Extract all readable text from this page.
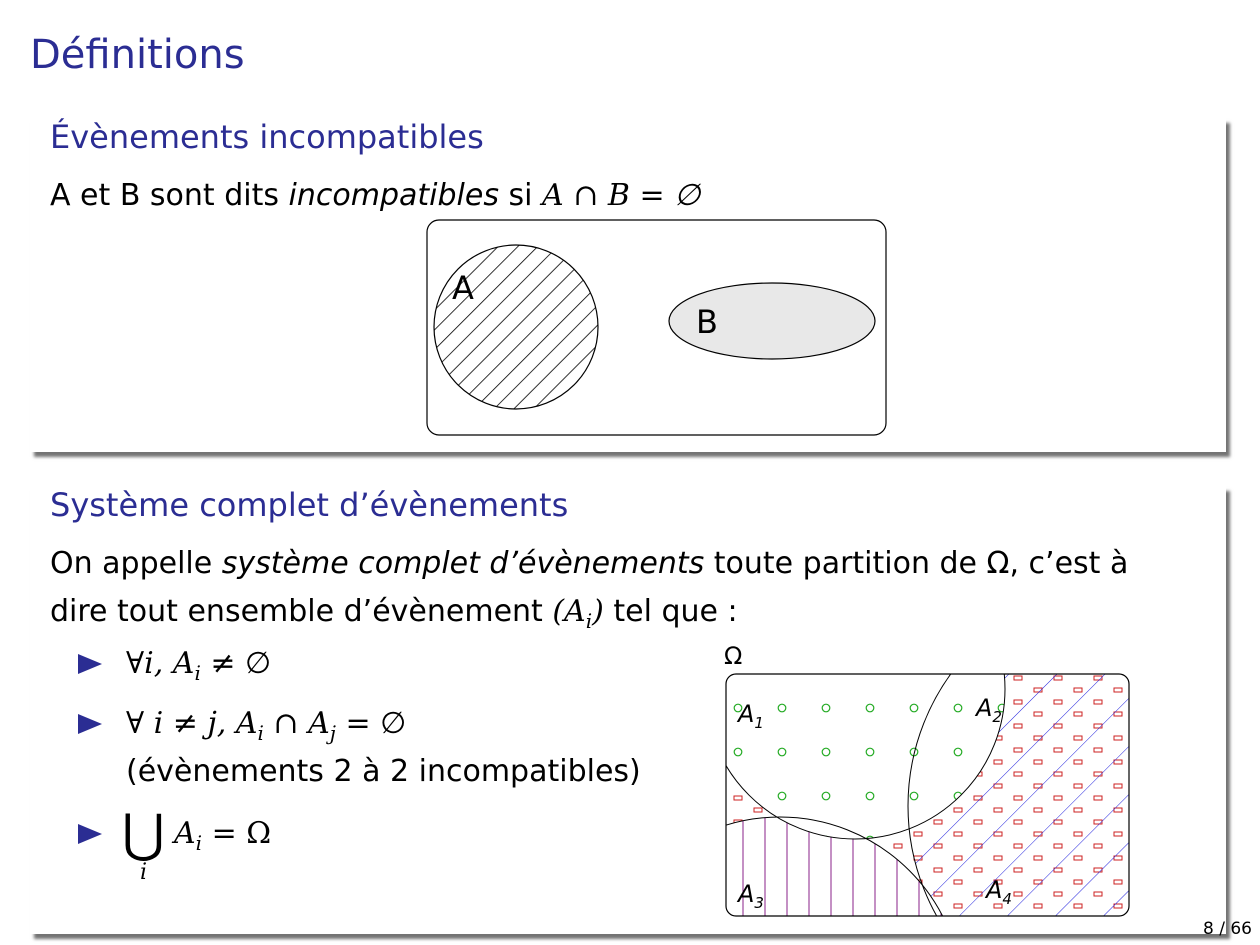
Définitions
Évènements incompatibles
A et B sont dits incompatibles si A ∩ B = ∅
A
B
Système complet d’évènements
On appelle système complet d’évènements toute partition de Ω, c’est à
dire tout ensemble d’évènement $(A_i)$ tel que :
∀i, $A_i$ ≠ ∅
∀ i ≠ j, $A_i$ ∩ $A_j$ = ∅
(évènements 2 à 2 incompatibles)
⋃
i
$A_i = \Omega$
Ω
$A_1$
$A_2$
$A_3$	$A_4$
8 / 66
